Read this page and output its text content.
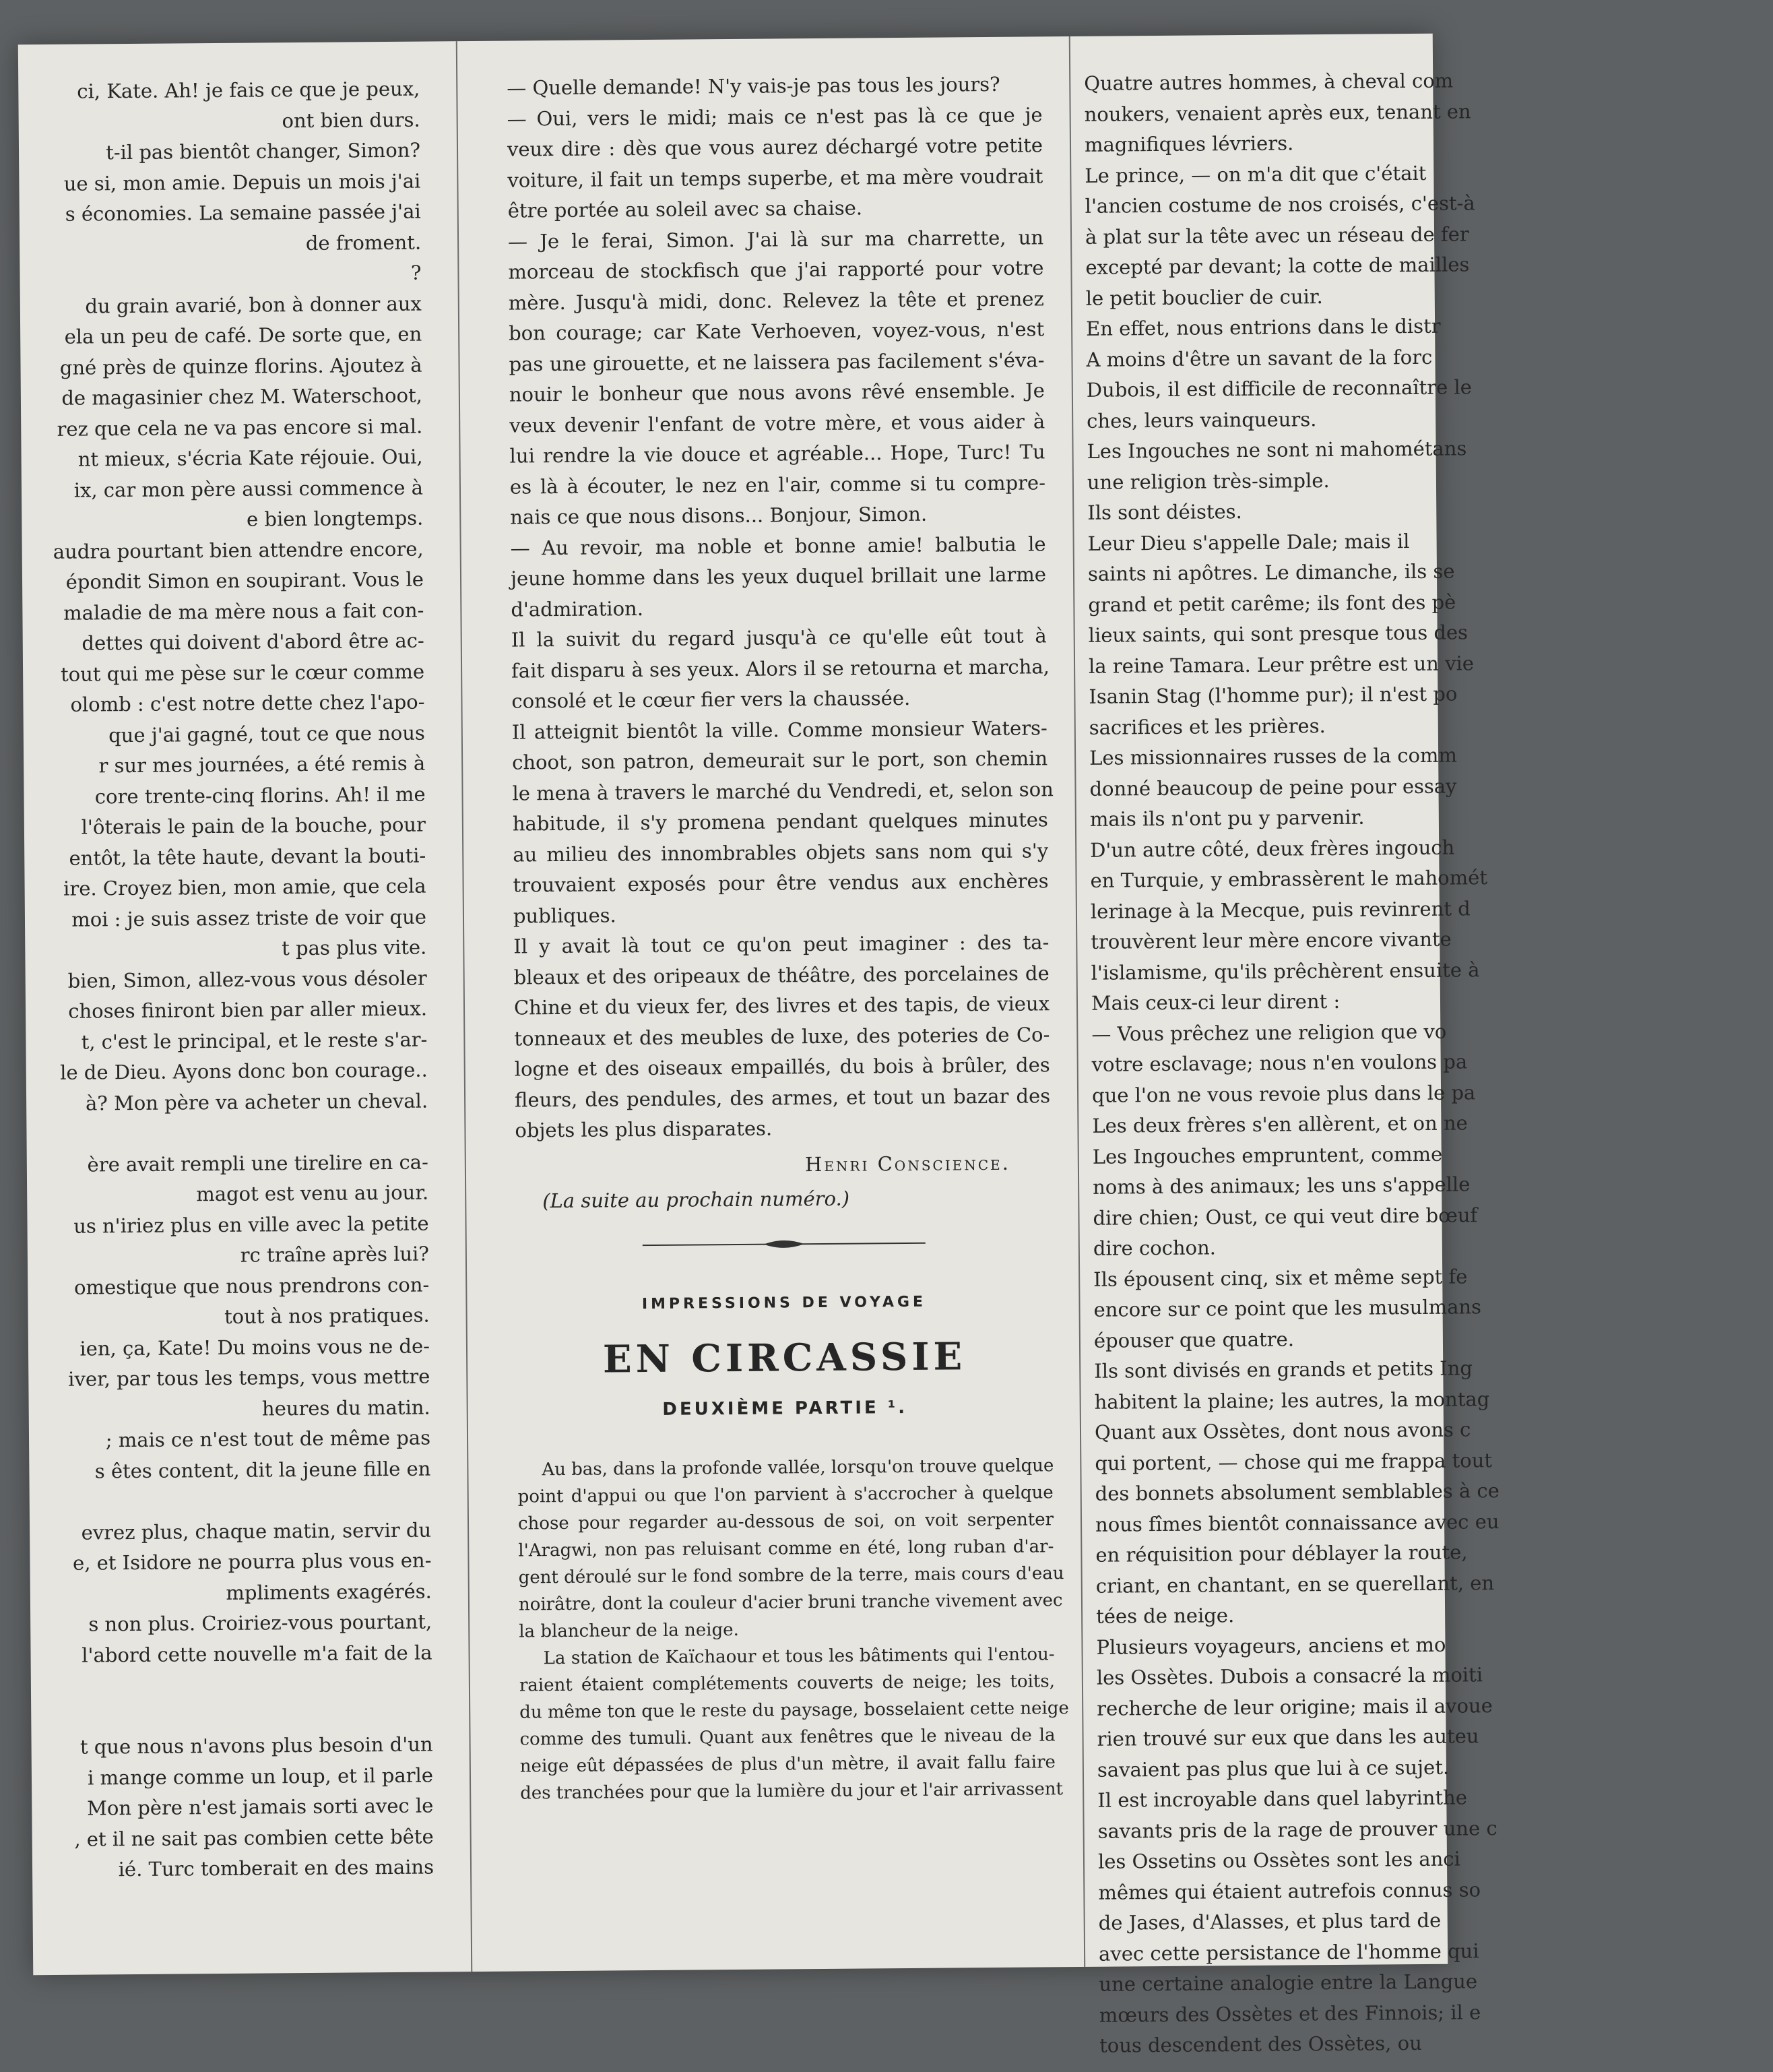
ci, Kate. Ah! je fais ce que je peux,
ont bien durs.
t-il pas bientôt changer, Simon?
ue si, mon amie. Depuis un mois j'ai
s économies. La semaine passée j'ai
de froment.
?
du grain avarié, bon à donner aux
ela un peu de café. De sorte que, en
gné près de quinze florins. Ajoutez à
de magasinier chez M. Waterschoot,
rez que cela ne va pas encore si mal.
nt mieux, s'écria Kate réjouie. Oui,
ix, car mon père aussi commence à
e bien longtemps.
audra pourtant bien attendre encore,
épondit Simon en soupirant. Vous le
maladie de ma mère nous a fait con-
dettes qui doivent d'abord être ac-
tout qui me pèse sur le cœur comme
olomb : c'est notre dette chez l'apo-
que j'ai gagné, tout ce que nous
r sur mes journées, a été remis à
core trente-cinq florins. Ah! il me
l'ôterais le pain de la bouche, pour
entôt, la tête haute, devant la bouti-
ire. Croyez bien, mon amie, que cela
moi : je suis assez triste de voir que
t pas plus vite.
bien, Simon, allez-vous vous désoler
choses finiront bien par aller mieux.
t, c'est le principal, et le reste s'ar-
le de Dieu. Ayons donc bon courage..
à? Mon père va acheter un cheval.
ère avait rempli une tirelire en ca-
magot est venu au jour.
us n'iriez plus en ville avec la petite
rc traîne après lui?
omestique que nous prendrons con-
tout à nos pratiques.
ien, ça, Kate! Du moins vous ne de-
iver, par tous les temps, vous mettre
heures du matin.
; mais ce n'est tout de même pas
s êtes content, dit la jeune fille en
evrez plus, chaque matin, servir du
e, et Isidore ne pourra plus vous en-
mpliments exagérés.
s non plus. Croiriez-vous pourtant,
l'abord cette nouvelle m'a fait de la
t que nous n'avons plus besoin d'un
i mange comme un loup, et il parle
Mon père n'est jamais sorti avec le
, et il ne sait pas combien cette bête
ié. Turc tomberait en des mains
— Quelle demande! N'y vais-je pas tous les jours?
— Oui, vers le midi; mais ce n'est pas là ce que je
veux dire : dès que vous aurez déchargé votre petite
voiture, il fait un temps superbe, et ma mère voudrait
être portée au soleil avec sa chaise.
— Je le ferai, Simon. J'ai là sur ma charrette, un
morceau de stockfisch que j'ai rapporté pour votre
mère. Jusqu'à midi, donc. Relevez la tête et prenez
bon courage; car Kate Verhoeven, voyez-vous, n'est
pas une girouette, et ne laissera pas facilement s'éva-
nouir le bonheur que nous avons rêvé ensemble. Je
veux devenir l'enfant de votre mère, et vous aider à
lui rendre la vie douce et agréable... Hope, Turc! Tu
es là à écouter, le nez en l'air, comme si tu compre-
nais ce que nous disons... Bonjour, Simon.
— Au revoir, ma noble et bonne amie! balbutia le
jeune homme dans les yeux duquel brillait une larme
d'admiration.
Il la suivit du regard jusqu'à ce qu'elle eût tout à
fait disparu à ses yeux. Alors il se retourna et marcha,
consolé et le cœur fier vers la chaussée.
Il atteignit bientôt la ville. Comme monsieur Waters-
choot, son patron, demeurait sur le port, son chemin
le mena à travers le marché du Vendredi, et, selon son
habitude, il s'y promena pendant quelques minutes
au milieu des innombrables objets sans nom qui s'y
trouvaient exposés pour être vendus aux enchères
publiques.
Il y avait là tout ce qu'on peut imaginer : des ta-
bleaux et des oripeaux de théâtre, des porcelaines de
Chine et du vieux fer, des livres et des tapis, de vieux
tonneaux et des meubles de luxe, des poteries de Co-
logne et des oiseaux empaillés, du bois à brûler, des
fleurs, des pendules, des armes, et tout un bazar des
objets les plus disparates.
Henri Conscience.
(La suite au prochain numéro.)
IMPRESSIONS DE VOYAGE
EN CIRCASSIE
DEUXIÈME PARTIE ¹.
Au bas, dans la profonde vallée, lorsqu'on trouve quelque
point d'appui ou que l'on parvient à s'accrocher à quelque
chose pour regarder au-dessous de soi, on voit serpenter
l'Aragwi, non pas reluisant comme en été, long ruban d'ar-
gent déroulé sur le fond sombre de la terre, mais cours d'eau
noirâtre, dont la couleur d'acier bruni tranche vivement avec
la blancheur de la neige.
La station de Kaïchaour et tous les bâtiments qui l'entou-
raient étaient complétements couverts de neige; les toits,
du même ton que le reste du paysage, bosselaient cette neige
comme des tumuli. Quant aux fenêtres que le niveau de la
neige eût dépassées de plus d'un mètre, il avait fallu faire
des tranchées pour que la lumière du jour et l'air arrivassent
Quatre autres hommes, à cheval com
noukers, venaient après eux, tenant en
magnifiques lévriers.
Le prince, — on m'a dit que c'était
l'ancien costume de nos croisés, c'est-à
à plat sur la tête avec un réseau de fer
excepté par devant; la cotte de mailles
le petit bouclier de cuir.
En effet, nous entrions dans le distr
A moins d'être un savant de la forc
Dubois, il est difficile de reconnaître le
ches, leurs vainqueurs.
Les Ingouches ne sont ni mahométans
une religion très-simple.
Ils sont déistes.
Leur Dieu s'appelle Dale; mais il
saints ni apôtres. Le dimanche, ils se
grand et petit carême; ils font des pè
lieux saints, qui sont presque tous des
la reine Tamara. Leur prêtre est un vie
Isanin Stag (l'homme pur); il n'est po
sacrifices et les prières.
Les missionnaires russes de la comm
donné beaucoup de peine pour essay
mais ils n'ont pu y parvenir.
D'un autre côté, deux frères ingouch
en Turquie, y embrassèrent le mahomét
lerinage à la Mecque, puis revinrent d
trouvèrent leur mère encore vivante
l'islamisme, qu'ils prêchèrent ensuite à
Mais ceux-ci leur dirent :
— Vous prêchez une religion que vo
votre esclavage; nous n'en voulons pa
que l'on ne vous revoie plus dans le pa
Les deux frères s'en allèrent, et on ne
Les Ingouches empruntent, comme
noms à des animaux; les uns s'appelle
dire chien; Oust, ce qui veut dire bœuf
dire cochon.
Ils épousent cinq, six et même sept fe
encore sur ce point que les musulmans
épouser que quatre.
Ils sont divisés en grands et petits Ing
habitent la plaine; les autres, la montag
Quant aux Ossètes, dont nous avons c
qui portent, — chose qui me frappa tout
des bonnets absolument semblables à ce
nous fîmes bientôt connaissance avec eu
en réquisition pour déblayer la route,
criant, en chantant, en se querellant, en
tées de neige.
Plusieurs voyageurs, anciens et mo
les Ossètes. Dubois a consacré la moiti
recherche de leur origine; mais il avoue
rien trouvé sur eux que dans les auteu
savaient pas plus que lui à ce sujet.
Il est incroyable dans quel labyrinthe
savants pris de la rage de prouver une c
les Ossetins ou Ossètes sont les anci
mêmes qui étaient autrefois connus so
de Jases, d'Alasses, et plus tard de
avec cette persistance de l'homme qui
une certaine analogie entre la Langue
mœurs des Ossètes et des Finnois; il e
tous descendent des Ossètes, ou
